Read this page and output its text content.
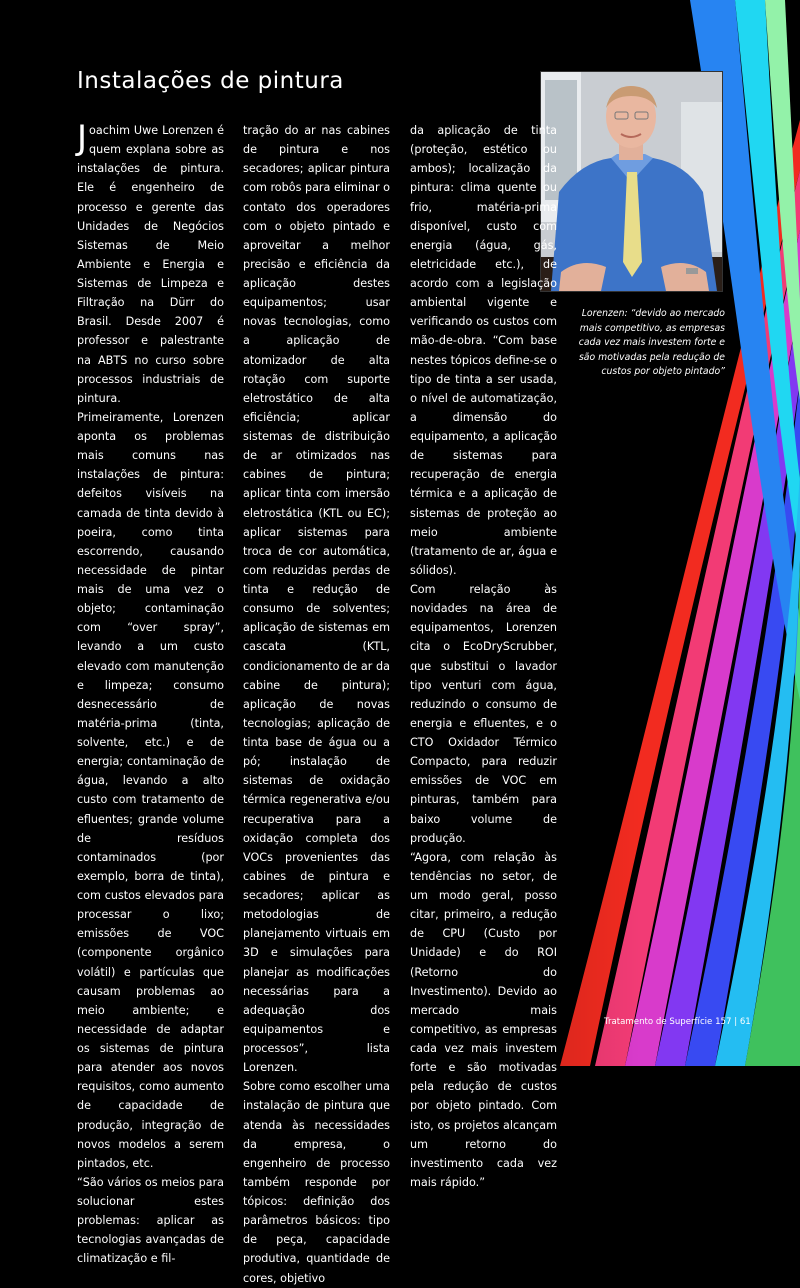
Instalações de pintura
Lorenzen: “devido ao mercado mais competitivo, as empresas cada vez mais investem forte e são motivadas pela redução de custos por objeto pintado”

Joachim Uwe Lorenzen é quem explana sobre as instalações de pintura. Ele é engenheiro de processo e gerente das Unidades de Negócios Sistemas de Meio Ambiente e Energia e Sistemas de Limpeza e Filtração na Dürr do Brasil. Desde 2007 é professor e palestrante na ABTS no curso sobre processos industriais de pintura.

Primeiramente, Lorenzen aponta os problemas mais comuns nas instalações de pintura: defeitos visíveis na camada de tinta devido à poeira, como tinta escorrendo, causando necessidade de pintar mais de uma vez o objeto; contaminação com “over spray”, levando a um custo elevado com manutenção e limpeza; consumo desnecessário de matéria-prima (tinta, solvente, etc.) e de energia; contaminação de água, levando a alto custo com tratamento de efluentes; grande volume de resíduos contaminados (por exemplo, borra de tinta), com custos elevados para processar o lixo; emissões de VOC (componente orgânico volátil) e partículas que causam problemas ao meio ambiente; e necessidade de adaptar os sistemas de pintura para atender aos novos requisitos, como aumento de capacidade de produção, integração de novos modelos a serem pintados, etc.

“São vários os meios para solucionar estes problemas: aplicar as tecnologias avançadas de climatização e fil-

tração do ar nas cabines de pintura e nos secadores; aplicar pintura com robôs para eliminar o contato dos operadores com o objeto pintado e aproveitar a melhor precisão e eficiência da aplicação destes equipamentos; usar novas tecnologias, como a aplicação de atomizador de alta rotação com suporte eletrostático de alta eficiência; aplicar sistemas de distribuição de ar otimizados nas cabines de pintura; aplicar tinta com imersão eletrostática (KTL ou EC); aplicar sistemas para troca de cor automática, com reduzidas perdas de tinta e redução de consumo de solventes; aplicação de sistemas em cascata (KTL, condicionamento de ar da cabine de pintura); aplicação de novas tecnologias; aplicação de tinta base de água ou a pó; instalação de sistemas de oxidação térmica regenerativa e/ou recuperativa para a oxidação completa dos VOCs provenientes das cabines de pintura e secadores; aplicar as metodologias de planejamento virtuais em 3D e simulações para planejar as modificações necessárias para a adequação dos equipamentos e processos”, lista Lorenzen.

Sobre como escolher uma instalação de pintura que atenda às necessidades da empresa, o engenheiro de processo também responde por tópicos: definição dos parâmetros básicos: tipo de peça, capacidade produtiva, quantidade de cores, objetivo

da aplicação de tinta (proteção, estético ou ambos); localização da pintura: clima quente ou frio, matéria-prima disponível, custo com energia (água, gás, eletricidade etc.), de acordo com a legislação ambiental vigente e verificando os custos com mão-de-obra. “Com base nestes tópicos define-se o tipo de tinta a ser usada, o nível de automatização, a dimensão do equipamento, a aplicação de sistemas para recuperação de energia térmica e a aplicação de sistemas de proteção ao meio ambiente (tratamento de ar, água e sólidos).

Com relação às novidades na área de equipamentos, Lorenzen cita o EcoDryScrubber, que substitui o lavador tipo venturi com água, reduzindo o consumo de energia e efluentes, e o CTO Oxidador Térmico Compacto, para reduzir emissões de VOC em pinturas, também para baixo volume de produção.

“Agora, com relação às tendências no setor, de um modo geral, posso citar, primeiro, a redução de CPU (Custo por Unidade) e do ROI (Retorno do Investimento). Devido ao mercado mais competitivo, as empresas cada vez mais investem forte e são motivadas pela redução de custos por objeto pintado. Com isto, os projetos alcançam um retorno do investimento cada vez mais rápido.”

Tratamento de Superfície 157 | 61
